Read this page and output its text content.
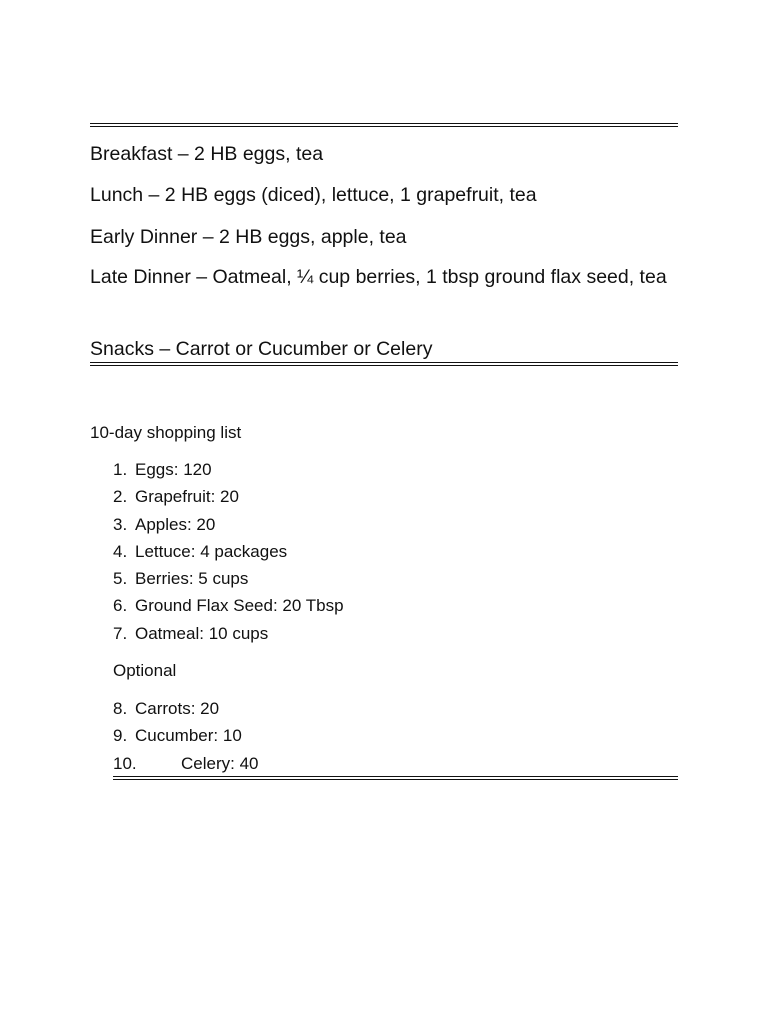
Breakfast – 2 HB eggs, tea

Lunch – 2 HB eggs (diced), lettuce, 1 grapefruit, tea

Early Dinner – 2 HB eggs, apple, tea

Late Dinner – Oatmeal, ¼ cup berries, 1 tbsp ground flax seed, tea

Snacks – Carrot or Cucumber or Celery

10-day shopping list

1. Eggs: 120
2. Grapefruit: 20
3. Apples: 20
4. Lettuce: 4 packages
5. Berries: 5 cups
6. Ground Flax Seed: 20 Tbsp
7. Oatmeal: 10 cups

Optional

8. Carrots: 20
9. Cucumber: 10
10.	Celery: 40
